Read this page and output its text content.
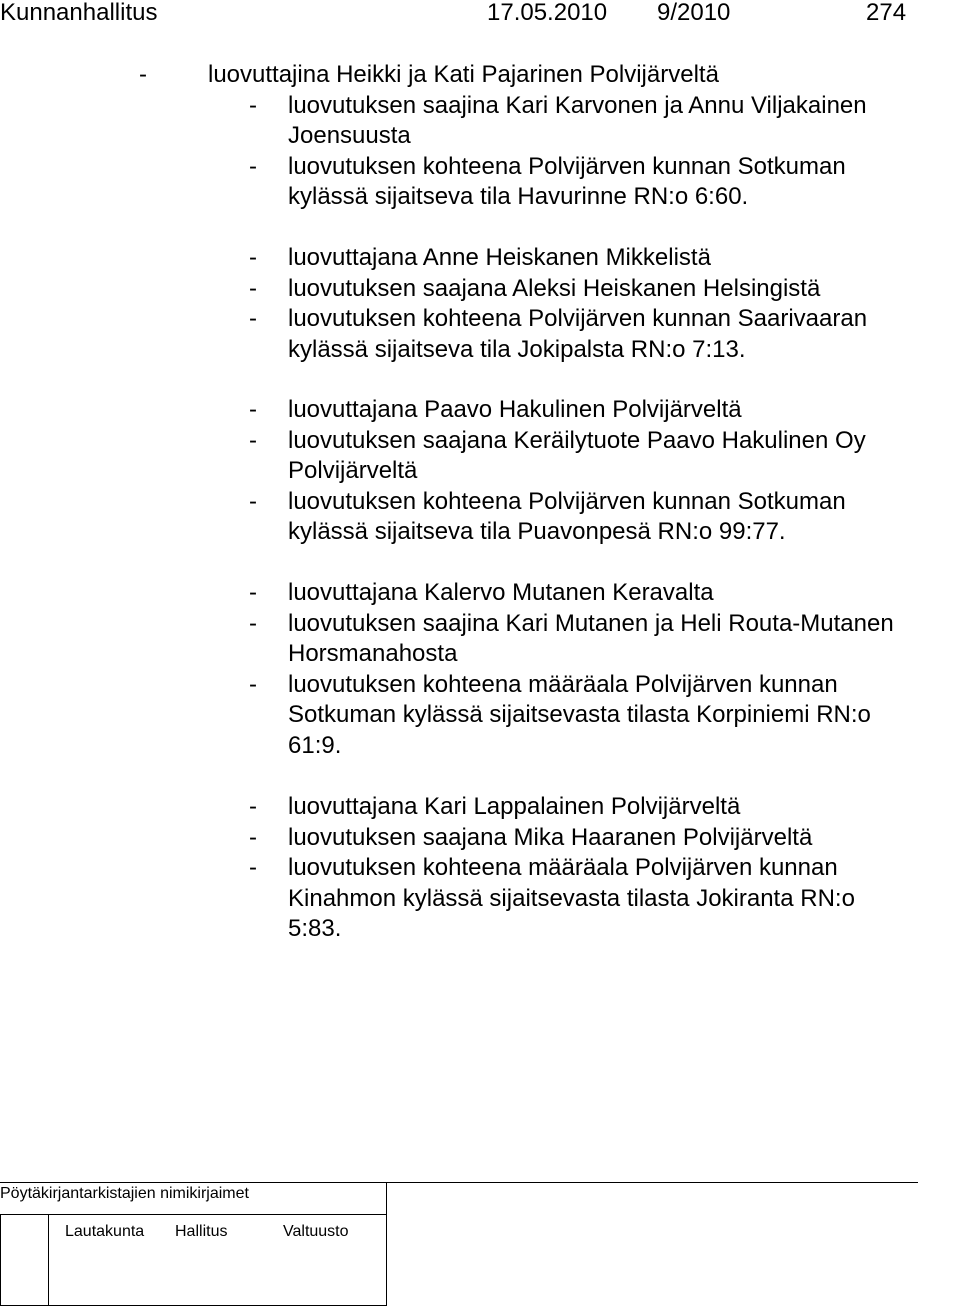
Kunnanhallitus	17.05.2010 9/2010	274
-	luovuttajina Heikki ja Kati Pajarinen Polvijärveltä
- luovutuksen saajina Kari Karvonen ja Annu Viljakainen
Joensuusta
- luovutuksen kohteena Polvijärven kunnan Sotkuman
kylässä sijaitseva tila Havurinne RN:o 6:60.
- luovuttajana Anne Heiskanen Mikkelistä
- luovutuksen saajana Aleksi Heiskanen Helsingistä
- luovutuksen kohteena Polvijärven kunnan Saarivaaran
kylässä sijaitseva tila Jokipalsta RN:o 7:13.
- luovuttajana Paavo Hakulinen Polvijärveltä
- luovutuksen saajana Keräilytuote Paavo Hakulinen Oy
Polvijärveltä
- luovutuksen kohteena Polvijärven kunnan Sotkuman
kylässä sijaitseva tila Puavonpesä RN:o 99:77.
- luovuttajana Kalervo Mutanen Keravalta
- luovutuksen saajina Kari Mutanen ja Heli Routa-Mutanen
Horsmanahosta
- luovutuksen kohteena määräala Polvijärven kunnan
Sotkuman kylässä sijaitsevasta tilasta Korpiniemi RN:o
61:9.
- luovuttajana Kari Lappalainen Polvijärveltä
- luovutuksen saajana Mika Haaranen Polvijärveltä
- luovutuksen kohteena määräala Polvijärven kunnan
Kinahmon kylässä sijaitsevasta tilasta Jokiranta RN:o
5:83.
Pöytäkirjantarkistajien nimikirjaimet
Lautakunta Hallitus	Valtuusto
